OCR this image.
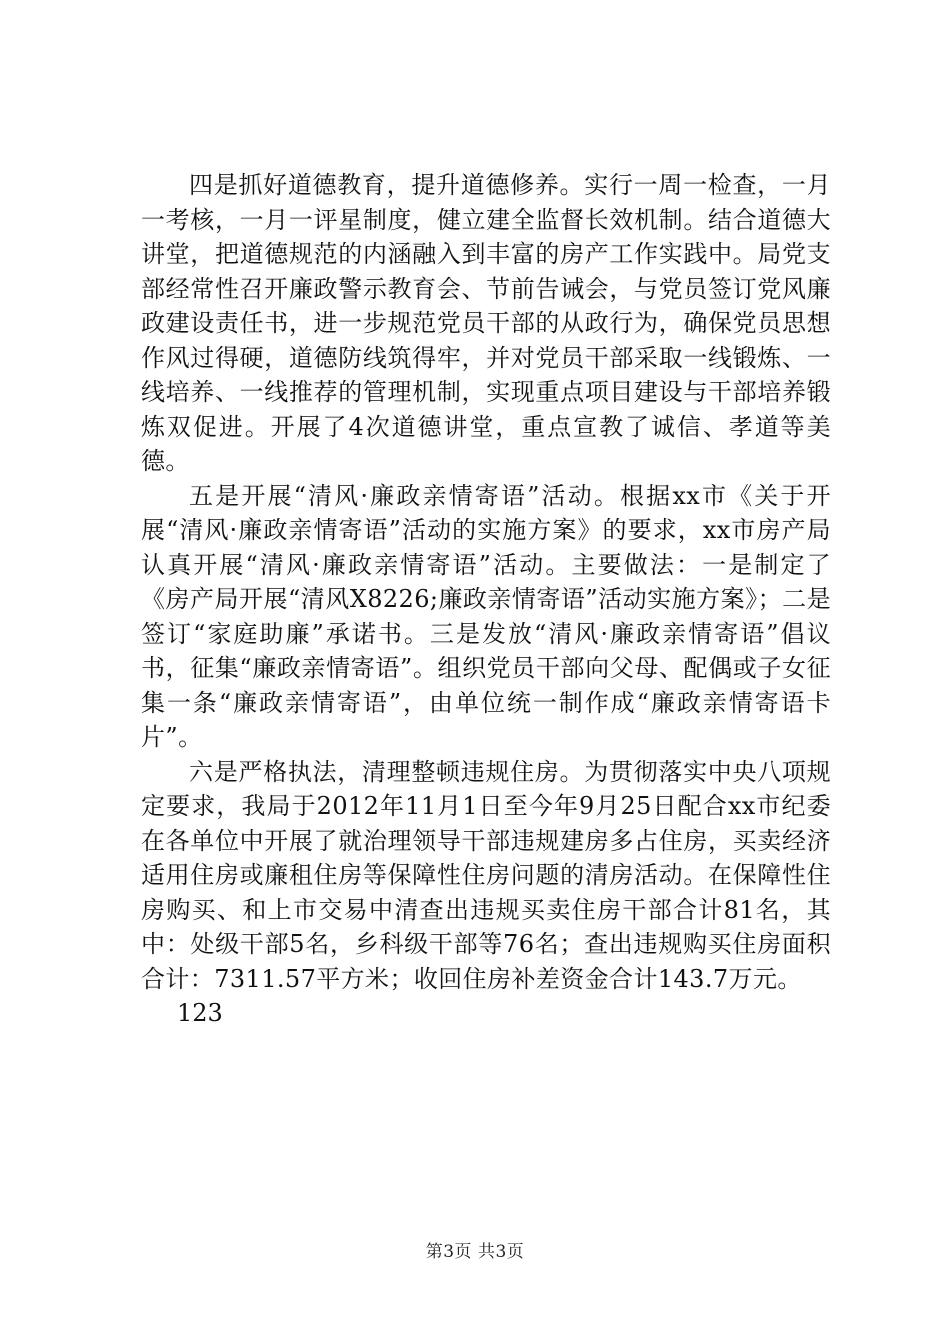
四是抓好道德教育，提升道德修养。实行一周一检查，一月一考核，一月一评星制度，健立建全监督长效机制。结合道德大讲堂，把道德规范的内涵融入到丰富的房产工作实践中。局党支部经常性召开廉政警示教育会、节前告诫会，与党员签订党风廉政建设责任书，进一步规范党员干部的从政行为，确保党员思想作风过得硬，道德防线筑得牢，并对党员干部采取一线锻炼、一线培养、一线推荐的管理机制，实现重点项目建设与干部培养锻炼双促进。开展了4次道德讲堂，重点宣教了诚信、孝道等美德。

五是开展“清风·廉政亲情寄语”活动。根据xx市《关于开展“清风·廉政亲情寄语”活动的实施方案》的要求，xx市房产局认真开展“清风·廉政亲情寄语”活动。主要做法：一是制定了《房产局开展“清风X8226;廉政亲情寄语”活动实施方案》；二是签订“家庭助廉”承诺书。三是发放“清风·廉政亲情寄语”倡议书，征集“廉政亲情寄语”。组织党员干部向父母、配偶或子女征集一条“廉政亲情寄语”，由单位统一制作成“廉政亲情寄语卡片”。

六是严格执法，清理整顿违规住房。为贯彻落实中央八项规定要求，我局于2012年11月1日至今年9月25日配合xx市纪委在各单位中开展了就治理领导干部违规建房多占住房，买卖经济适用住房或廉租住房等保障性住房问题的清房活动。在保障性住房购买、和上市交易中清查出违规买卖住房干部合计81名，其中：处级干部5名，乡科级干部等76名；查出违规购买住房面积合计：7311.57平方米；收回住房补差资金合计143.7万元。

123

第3页 共3页
